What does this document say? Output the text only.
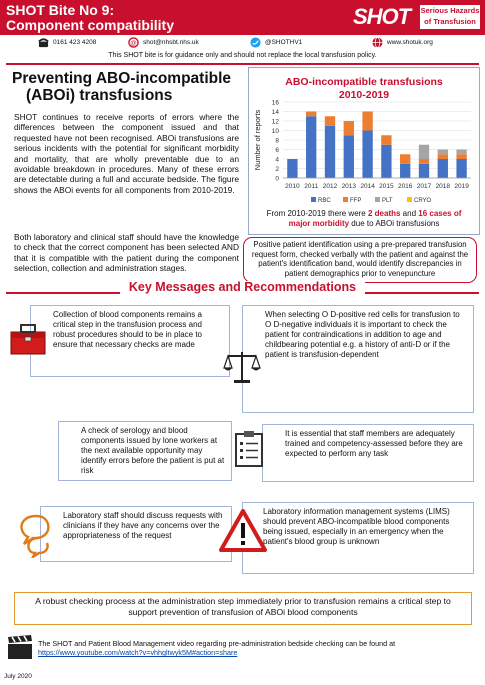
SHOT Bite No 9:
Component compatibility	SHOT Serious Hazards
of Transfusion
0161 423 4208	@ shot@nhsbt.nhs.uk	@SHOTHV1	www.shotuk.org
This SHOT bite is for guidance only and should not replace the local transfusion policy.
Preventing ABO-incompatible
(ABOi) transfusions
SHOT continues to receive reports of errors where the differences between the component issued and that requested have not been recognised. ABOi transfusions are serious incidents with the potential for significant morbidity and mortality, that are wholly preventable due to an avoidable breakdown in procedures. Many of these errors are detectable during a full and accurate bedside. The figure shows the ABOi events for all components from 2010-2019.
Both laboratory and clinical staff should have the knowledge to check that the correct component has been selected AND that it is compatible with the patient during the component selection, collection and administration stages.
ABO-incompatible transfusions
2010-2019
0
2
4
6
8
10
12
14
16
Number of reports
2010 2011 2012 2013 2014 2015 2016 2017 2018 2019
RBC	FFP	PLT	CRYO
From 2010-2019 there were 2 deaths and 16 cases of major morbidity due to ABOi transfusions
Positive patient identification using a pre-prepared transfusion request form, checked verbally with the patient and against the patient's identification band, would identify discrepancies in patient demographics prior to venepuncture
Key Messages and Recommendations
Collection of blood components remains a critical step in the transfusion process and robust procedures should to be in place to ensure that necessary checks are made
When selecting O D-positive red cells for transfusion to O D-negative individuals it is important to check the patient for contraindications in addition to age and childbearing potential e.g. a history of anti-D or if the patient is transfusion-dependent
A check of serology and blood components issued by lone workers at the next available opportunity may identify errors before the patient is put at risk
It is essential that staff members are adequately trained and competency-assessed before they are expected to perform any task
Laboratory staff should discuss requests with clinicians if they have any concerns over the appropriateness of the request
Laboratory information management systems (LIMS) should prevent ABO-incompatible blood components being issued, especially in an emergency when the patient's blood group is unknown
A robust checking process at the administration step immediately prior to transfusion remains a critical step to support prevention of transfusion of ABOi blood components
The SHOT and Patient Blood Management video regarding pre-administration bedside checking can be found at https://www.youtube.com/watch?v=vhhgltwyk5M#action=share
July 2020
